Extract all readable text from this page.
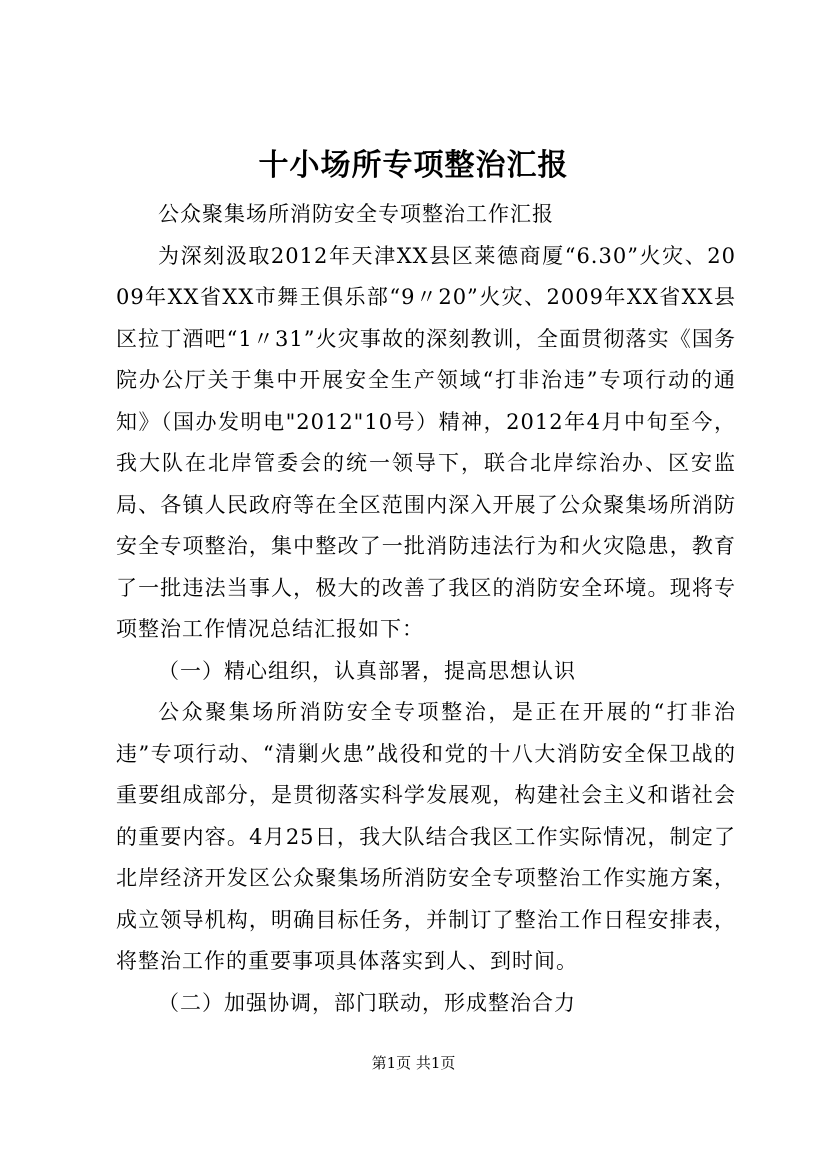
十小场所专项整治汇报

公众聚集场所消防安全专项整治工作汇报

为深刻汲取2012年天津XX县区莱德商厦“6.30”火灾、2009年XX省XX市舞王俱乐部“9〃20”火灾、2009年XX省XX县区拉丁酒吧“1〃31”火灾事故的深刻教训，全面贯彻落实《国务院办公厅关于集中开展安全生产领域“打非治违”专项行动的通知》（国办发明电"2012"10号）精神，2012年4月中旬至今，我大队在北岸管委会的统一领导下，联合北岸综治办、区安监局、各镇人民政府等在全区范围内深入开展了公众聚集场所消防安全专项整治，集中整改了一批消防违法行为和火灾隐患，教育了一批违法当事人，极大的改善了我区的消防安全环境。现将专项整治工作情况总结汇报如下：

（一）精心组织，认真部署，提高思想认识

公众聚集场所消防安全专项整治，是正在开展的“打非治违”专项行动、“清剿火患”战役和党的十八大消防安全保卫战的重要组成部分，是贯彻落实科学发展观，构建社会主义和谐社会的重要内容。4月25日，我大队结合我区工作实际情况，制定了北岸经济开发区公众聚集场所消防安全专项整治工作实施方案，成立领导机构，明确目标任务，并制订了整治工作日程安排表，将整治工作的重要事项具体落实到人、到时间。

（二）加强协调，部门联动，形成整治合力

第1页 共1页
